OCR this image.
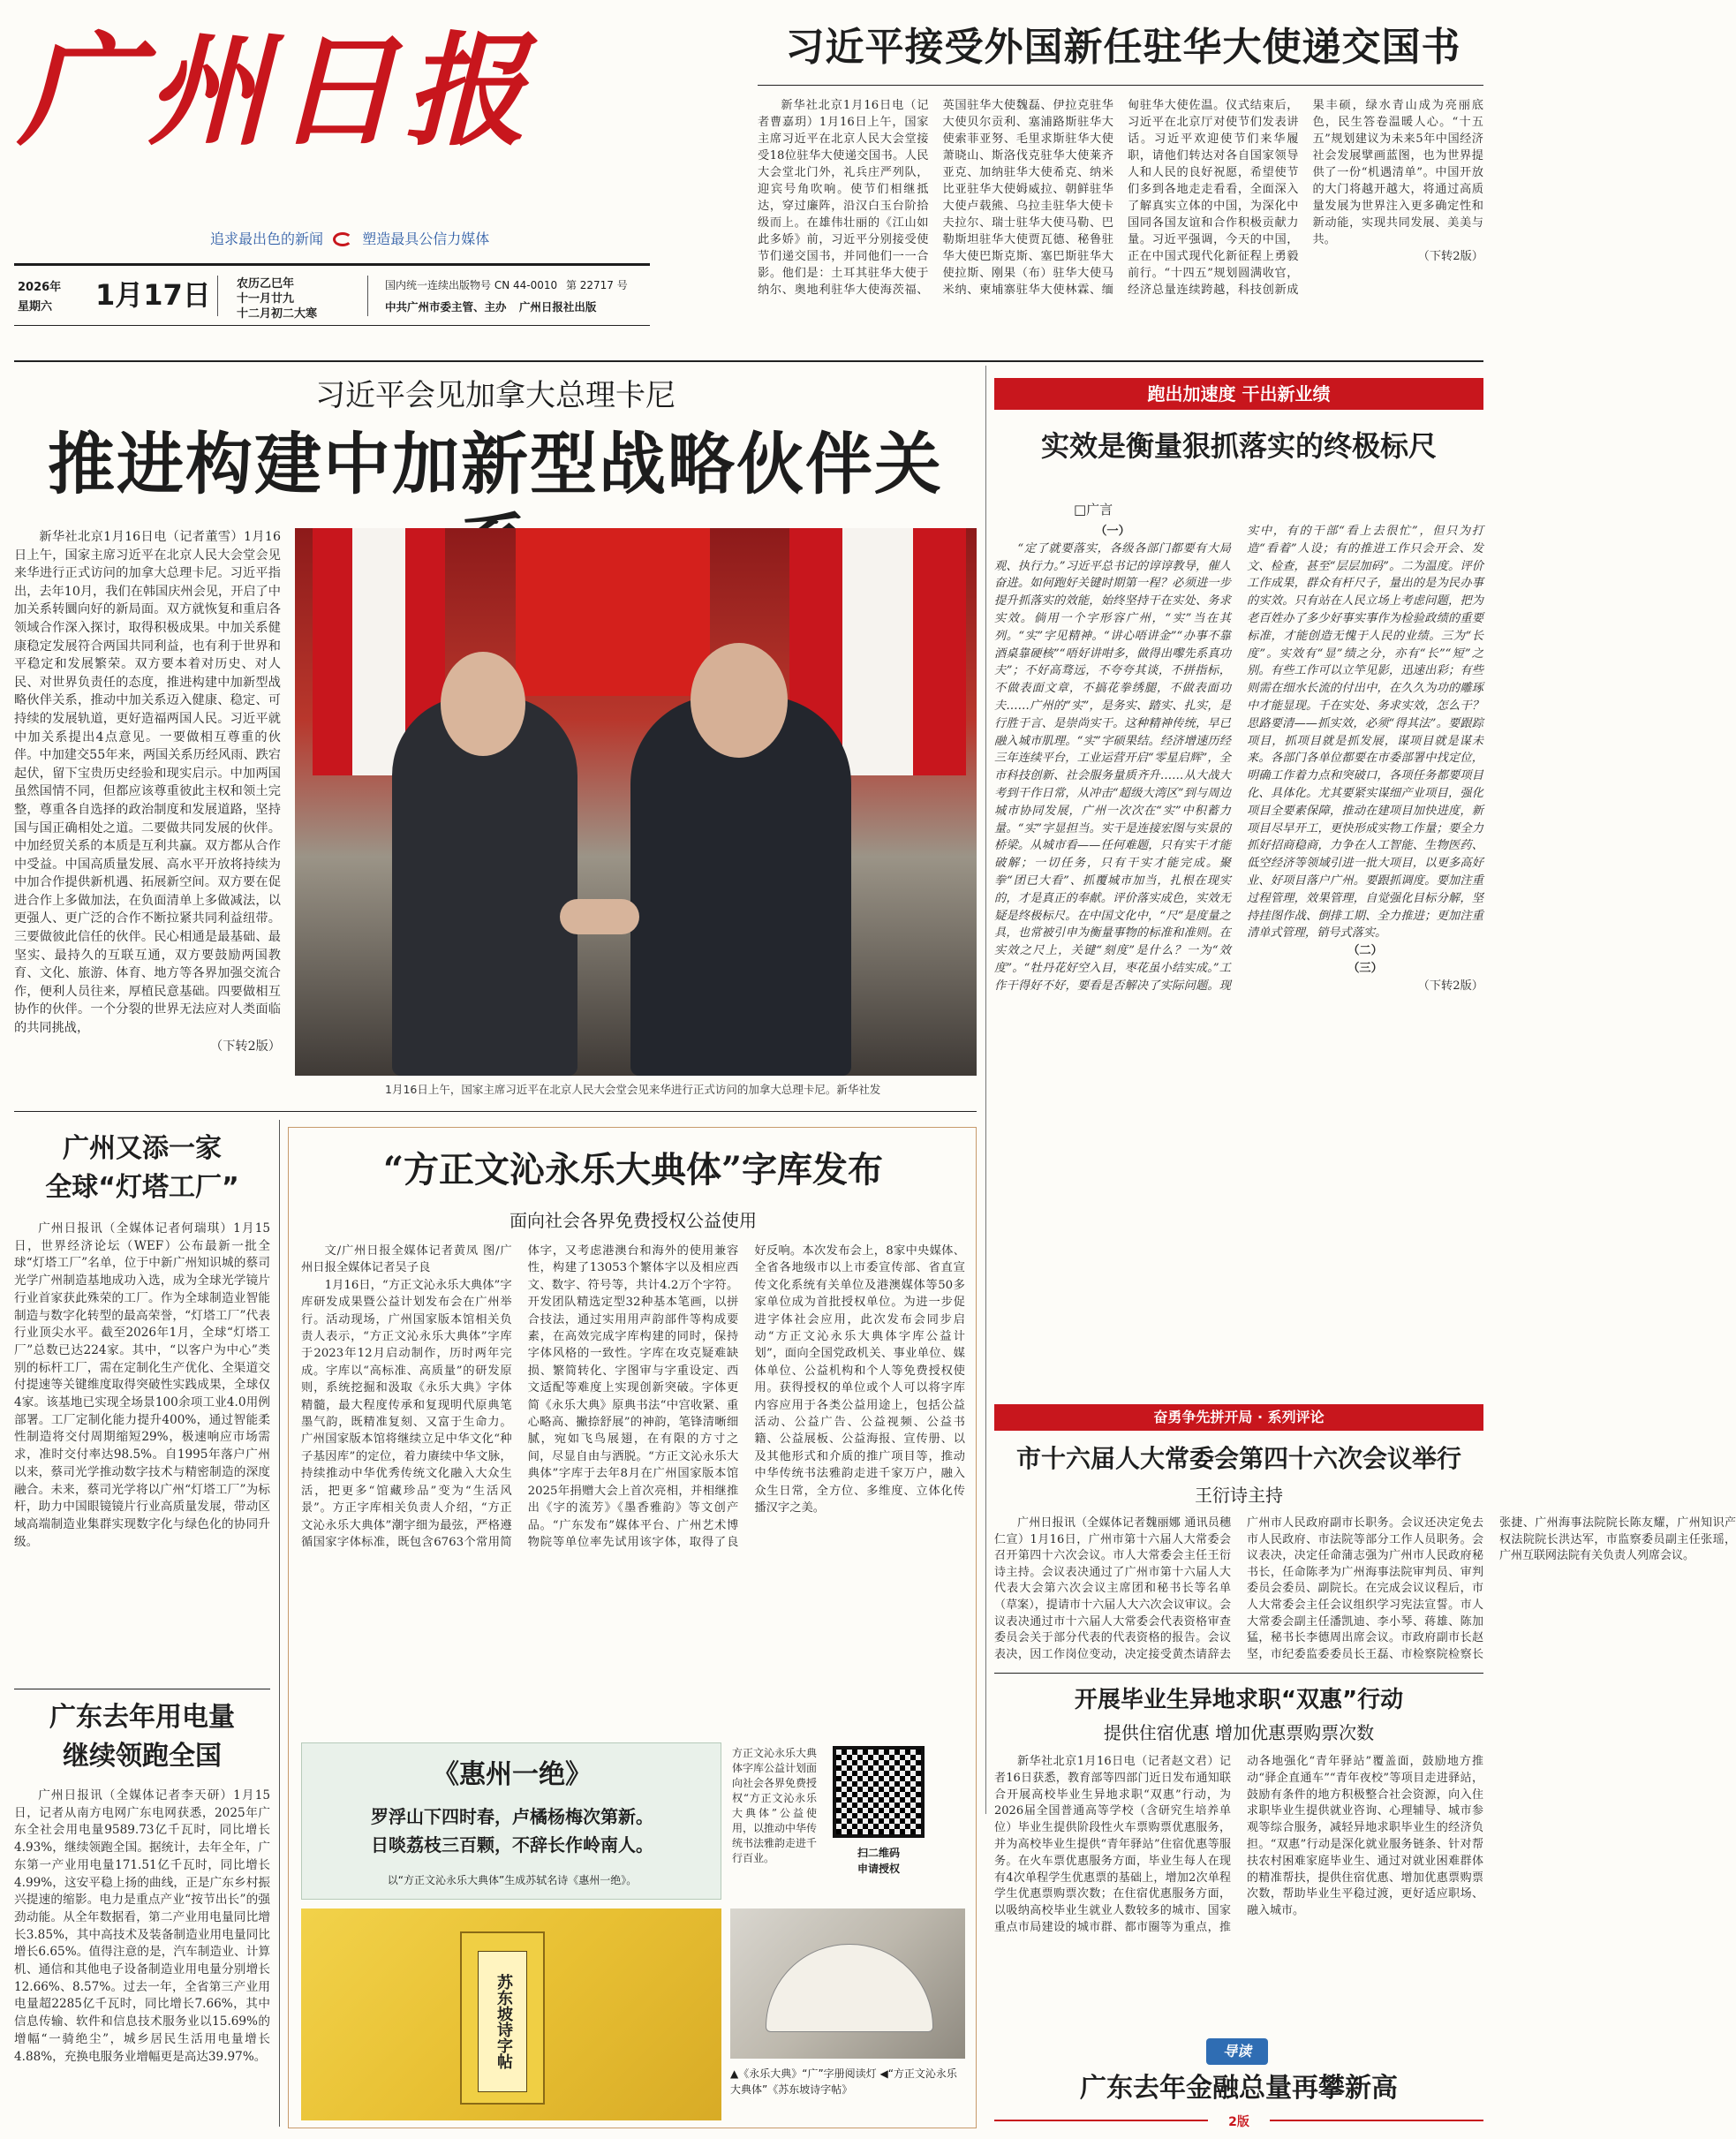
广州日报
追求最出色的新闻	塑造最具公信力媒体
2026年
星期六 1月17日 农历乙巳年
十一月廿九
十二月初二大寒
国内统一连续出版物号 CN 44-0010 第 22717 号
中共广州市委主管、主办 广州日报社出版
习近平接受外国新任驻华大使递交国书

新华社北京1月16日电（记者曹嘉玥）1月16日上午，国家主席习近平在北京人民大会堂接受18位驻华大使递交国书。人民大会堂北门外，礼兵庄严列队，迎宾号角吹响。使节们相继抵达，穿过廉阵，沿汉白玉台阶拾级而上。在雄伟壮丽的《江山如此多娇》前，习近平分别接受使节们递交国书，并同他们一一合影。他们是：土耳其驻华大使于纳尔、奥地利驻华大使海茨福、英国驻华大使魏磊、伊拉克驻华大使贝尔贡利、塞浦路斯驻华大使索菲亚努、毛里求斯驻华大使萧晓山、斯洛伐克驻华大使莱齐亚克、加纳驻华大使希克、纳米比亚驻华大使姆威拉、朝鲜驻华大使卢载熊、乌拉圭驻华大使卡夫拉尔、瑞士驻华大使马勒、巴勒斯坦驻华大使贾瓦德、秘鲁驻华大使巴斯克斯、塞巴斯驻华大使拉斯、刚果（布）驻华大使马米纳、柬埔寨驻华大使林霖、缅甸驻华大使佐温。仪式结束后，习近平在北京厅对使节们发表讲话。习近平欢迎使节们来华履职，请他们转达对各自国家领导人和人民的良好祝愿，希望使节们多到各地走走看看，全面深入了解真实立体的中国，为深化中国同各国友谊和合作积极贡献力量。习近平强调，今天的中国，正在中国式现代化新征程上勇毅前行。“十四五”规划圆满收官，经济总量连续跨越，科技创新成果丰硕，绿水青山成为亮丽底色，民生答卷温暖人心。“十五五”规划建议为未来5年中国经济社会发展擘画蓝图，也为世界提供了一份“机遇清单”。中国开放的大门将越开越大，将通过高质量发展为世界注入更多确定性和新动能，实现共同发展、美美与共。

（下转2版）

习近平会见加拿大总理卡尼
推进构建中加新型战略伙伴关

新华社北京1月16日电（记者董雪）1月16日上午，国家主席习近平在北京人民大会堂会见来华进行正式访问的加拿大总理卡尼。习近平指出，去年10月，我们在韩国庆州会见，开启了中加关系转圜向好的新局面。双方就恢复和重启各领域合作深入探讨，取得积极成果。中加关系健康稳定发展符合两国共同利益，也有利于世界和平稳定和发展繁荣。双方要本着对历史、对人民、对世界负责任的态度，推进构建中加新型战略伙伴关系，推动中加关系迈入健康、稳定、可持续的发展轨道，更好造福两国人民。习近平就中加关系提出4点意见。一要做相互尊重的伙伴。中加建交55年来，两国关系历经风雨、跌宕起伏，留下宝贵历史经验和现实启示。中加两国虽然国情不同，但都应该尊重彼此主权和领土完整，尊重各自选择的政治制度和发展道路，坚持国与国正确相处之道。二要做共同发展的伙伴。中加经贸关系的本质是互利共赢。双方都从合作中受益。中国高质量发展、高水平开放将持续为中加合作提供新机遇、拓展新空间。双方要在促进合作上多做加法，在负面清单上多做减法，以更强人、更广泛的合作不断拉紧共同利益纽带。三要做彼此信任的伙伴。民心相通是最基础、最坚实、最持久的互联互通，双方要鼓励两国教育、文化、旅游、体育、地方等各界加强交流合作，便利人员往来，厚植民意基础。四要做相互协作的伙伴。一个分裂的世界无法应对人类面临的共同挑战，

（下转2版）

1月16日上午，国家主席习近平在北京人民大会堂会见来华进行正式访问的加拿大总理卡尼。新华社发
跑出加速度 干出新业绩
实效是衡量狠抓落实的终极标尺
□广言

（一）

“定了就要落实，各级各部门都要有大局观、执行力。”习近平总书记的谆谆教导，催人奋进。如何跑好关键时期第一程？必须进一步提升抓落实的效能，始终坚持干在实处、务求实效。倘用一个字形容广州，“实”当在其列。“实”字见精神。“讲心唔讲金”“办事不靠酒桌靠硬核”“唔好讲咁多，做得出嚟先系真功夫”；不好高骛远，不夸夸其谈，不拼指标，不做表面文章，不搞花拳绣腿，不做表面功夫……广州的“实”，是务实、踏实、扎实，是行胜于言、是崇尚实干。这种精神传统，早已融入城市肌理。“实”字硕果结。经济增速历经三年连续平台，工业运营开启“零星启辉”，全市科技创新、社会服务量质齐升……从大战大考到干作日常，从冲击“超级大湾区”到与周边城市协同发展，广州一次次在“实”中积蓄力量。“实”字显担当。实干是连接宏图与实景的桥梁。从城市看——任何难题，只有实干才能破解；一切任务，只有干实才能完成。聚拳“团已大看”、抓覆城市加当，扎根在现实的，才是真正的奉献。评价落实成色，实效无疑是终极标尺。在中国文化中，“尺”是度量之具，也常被引申为衡量事物的标准和准则。在实效之尺上，关键“刻度”是什么？一为“效度”。“牡丹花好空入目，枣花虽小结实成。”工作干得好不好，要看是否解决了实际问题。现实中，有的干部“看上去很忙”，但只为打造“看着”人设；有的推进工作只会开会、发文、检查，甚至“层层加码”。二为温度。评价工作成果，群众有杆尺子，量出的是为民办事的实效。只有站在人民立场上考虑问题，把为老百姓办了多少好事实事作为检验政绩的重要标准，才能创造无愧于人民的业绩。三为“长度”。实效有“显”绩之分，亦有“长”“短”之别。有些工作可以立竿见影，迅速出彩；有些则需在细水长流的付出中，在久久为功的雕琢中才能显现。千在实处、务求实效，怎么干？思路要清——抓实效，必须“得其法”。要跟踪项目，抓项目就是抓发展，谋项目就是谋未来。各部门各单位都要在市委部署中找定位，明确工作着力点和突破口，各项任务都要项目化、具体化。尤其要紧实谋细产业项目，强化项目全要素保障，推动在建项目加快进度，新项目尽早开工，更快形成实物工作量；要全力抓好招商稳商，力争在人工智能、生物医药、低空经济等领域引进一批大项目，以更多高好业、好项目落户广州。要跟抓调度。要加注重过程管理，效果管理，自觉强化目标分解，坚持挂图作战、倒排工期、全力推进；更加注重清单式管理，销号式落实。

（二）

（三）

（下转2版）

广州又添一家
全球“灯塔工厂”

广州日报讯（全媒体记者何瑞琪）1月15日，世界经济论坛（WEF）公布最新一批全球“灯塔工厂”名单，位于中新广州知识城的蔡司光学广州制造基地成功入选，成为全球光学镜片行业首家获此殊荣的工厂。作为全球制造业智能制造与数字化转型的最高荣誉，“灯塔工厂”代表行业顶尖水平。截至2026年1月，全球“灯塔工厂”总数已达224家。其中，“以客户为中心”类别的标杆工厂，需在定制化生产优化、全渠道交付提速等关键维度取得突破性实践成果，全球仅4家。该基地已实现全场景100余项工业4.0用例部署。工厂定制化能力提升400%，通过智能柔性制造将交付周期缩短29%，极速响应市场需求，准时交付率达98.5%。自1995年落户广州以来，蔡司光学推动数字技术与精密制造的深度融合。未来，蔡司光学将以广州“灯塔工厂”为标杆，助力中国眼镜镜片行业高质量发展，带动区域高端制造业集群实现数字化与绿色化的协同升级。

广东去年用电量
继续领跑全国

广州日报讯（全媒体记者李天研）1月15日，记者从南方电网广东电网获悉，2025年广东全社会用电量9589.73亿千瓦时，同比增长4.93%，继续领跑全国。据统计，去年全年，广东第一产业用电量171.51亿千瓦时，同比增长4.99%，这安平稳上扬的曲线，正是广东乡村振兴提速的缩影。电力是重点产业“按节出长”的强劲动能。从全年数据看，第二产业用电量同比增长3.85%，其中高技术及装备制造业用电量同比增长6.65%。值得注意的是，汽车制造业、计算机、通信和其他电子设备制造业用电量分别增长12.66%、8.57%。过去一年，全省第三产业用电量超2285亿千瓦时，同比增长7.66%，其中信息传输、软件和信息技术服务业以15.69%的增幅“一骑绝尘”，城乡居民生活用电量增长4.88%，充换电服务业增幅更是高达39.97%。

“方正文沁永乐大典体”字库发布
面向社会各界免费授权公益使用

文/广州日报全媒体记者黄凤 图/广州日报全媒体记者吴子良

1月16日，“方正文沁永乐大典体”字库研发成果暨公益计划发布会在广州举行。活动现场，广州国家版本馆相关负责人表示，“方正文沁永乐大典体”字库于2023年12月启动制作，历时两年完成。字库以“高标准、高质量”的研发原则，系统挖掘和汲取《永乐大典》字体精髓，最大程度传承和复现明代原典笔墨气韵，既精准复刻、又富于生命力。广州国家版本馆将继续立足中华文化“种子基因库”的定位，着力赓续中华文脉，持续推动中华优秀传统文化融入大众生活，把更多“馆藏珍品”变为“生活风景”。方正字库相关负责人介绍，“方正文沁永乐大典体”潮字细为最弦，严格遵循国家字体标准，既包含6763个常用简体字，又考虑港澳台和海外的使用兼容性，构建了13053个繁体字以及相应西文、数字、符号等，共计4.2万个字符。开发团队精选定型32种基本笔画，以拼合技法，通过实用用声韵部件等构成要素，在高效完成字库构建的同时，保持字体风格的一致性。字库在攻克疑难缺损、繁简转化、字图审与字重设定、西文适配等难度上实现创新突破。字体更简《永乐大典》原典书法“中宫收紧、重心略高、撇捺舒展”的神韵，笔锋清晰细腻，宛如飞鸟展翅，在有限的方寸之间，尽显自由与洒脱。“方正文沁永乐大典体”字库于去年8月在广州国家版本馆2025年捐赠大会上首次亮相，并相继推出《字的流芳》《墨香雅韵》等文创产品。“广东发布”媒体平台、广州艺术博物院等单位率先试用该字体，取得了良好反响。本次发布会上，8家中央媒体、全省各地级市以上市委宣传部、省直宣传文化系统有关单位及港澳媒体等50多家单位成为首批授权单位。为进一步促进字体社会应用，此次发布会同步启动“方正文沁永乐大典体字库公益计划”，面向全国党政机关、事业单位、媒体单位、公益机构和个人等免费授权使用。获得授权的单位或个人可以将字库内容应用于各类公益用途上，包括公益活动、公益广告、公益视频、公益书籍、公益展板、公益海报、宣传册、以及其他形式和介质的推广项目等，推动中华传统书法雅韵走进千家万户，融入众生日常，全方位、多维度、立体化传播汉字之美。

《惠州一绝》
罗浮山下四时春，卢橘杨梅次第新。
日啖荔枝三百颗，不辞长作岭南人。
以“方正文沁永乐大典体”生成苏轼名诗《惠州一绝》。
方正文沁永乐大典体字库公益计划面向社会各界免费授权“方正文沁永乐大典体”公益使用，以推动中华传统书法雅韵走进千行百业。	扫二维码
申请授权
苏东坡诗字帖
▲《永乐大典》“广”字册阅读灯 ◀“方正文沁永乐大典体”《苏东坡诗字帖》
奋勇争先拼开局 · 系列评论
市十六届人大常委会第四十六次会议举行
王衍诗主持

广州日报讯（全媒体记者魏丽娜 通讯员穗仁宣）1月16日，广州市第十六届人大常委会召开第四十六次会议。市人大常委会主任王衍诗主持。会议表决通过了广州市第十六届人大代表大会第六次会议主席团和秘书长等名单（草案），提请市十六届人大六次会议审议。会议表决通过市十六届人大常委会代表资格审查委员会关于部分代表的代表资格的报告。会议表决，因工作岗位变动，决定接受黄杰请辞去广州市人民政府副市长职务。会议还决定免去市人民政府、市法院等部分工作人员职务。会议表决，决定任命蒲志强为广州市人民政府秘书长，任命陈孝为广州海事法院审判员、审判委员会委员、副院长。在完成会议议程后，市人大常委会主任会议组织学习宪法宣誓。市人大常委会副主任潘凯迪、李小琴、蒋雄、陈加猛，秘书长李德周出席会议。市政府副市长赵坚，市纪委监委委员长王磊、市检察院检察长张捷、广州海事法院院长陈友耀，广州知识产权法院院长洪达军，市监察委员副主任张瑶，广州互联网法院有关负责人列席会议。

开展毕业生异地求职“双惠”行动
提供住宿优惠 增加优惠票购票次数

新华社北京1月16日电（记者赵文君）记者16日获悉，教育部等四部门近日发布通知联合开展高校毕业生异地求职“双惠”行动，为2026届全国普通高等学校（含研究生培养单位）毕业生提供阶段性火车票购票优惠服务，并为高校毕业生提供“青年驿站”住宿优惠等服务。在火车票优惠服务方面，毕业生每人在现有4次单程学生优惠票的基础上，增加2次单程学生优惠票购票次数；在住宿优惠服务方面，以吸纳高校毕业生就业人数较多的城市、国家重点市局建设的城市群、都市圈等为重点，推动各地强化“青年驿站”覆盖面，鼓励地方推动“驿企直通车”“青年夜校”等项目走进驿站，鼓励有条件的地方积极整合社会资源，向入住求职毕业生提供就业咨询、心理辅导、城市参观等综合服务，减轻异地求职毕业生的经济负担。“双惠”行动是深化就业服务链条、针对帮扶农村困难家庭毕业生、通过对就业困难群体的精准帮扶，提供住宿优惠、增加优惠票购票次数，帮助毕业生平稳过渡，更好适应职场、融入城市。

导读
广东去年金融总量再攀新高
2版
